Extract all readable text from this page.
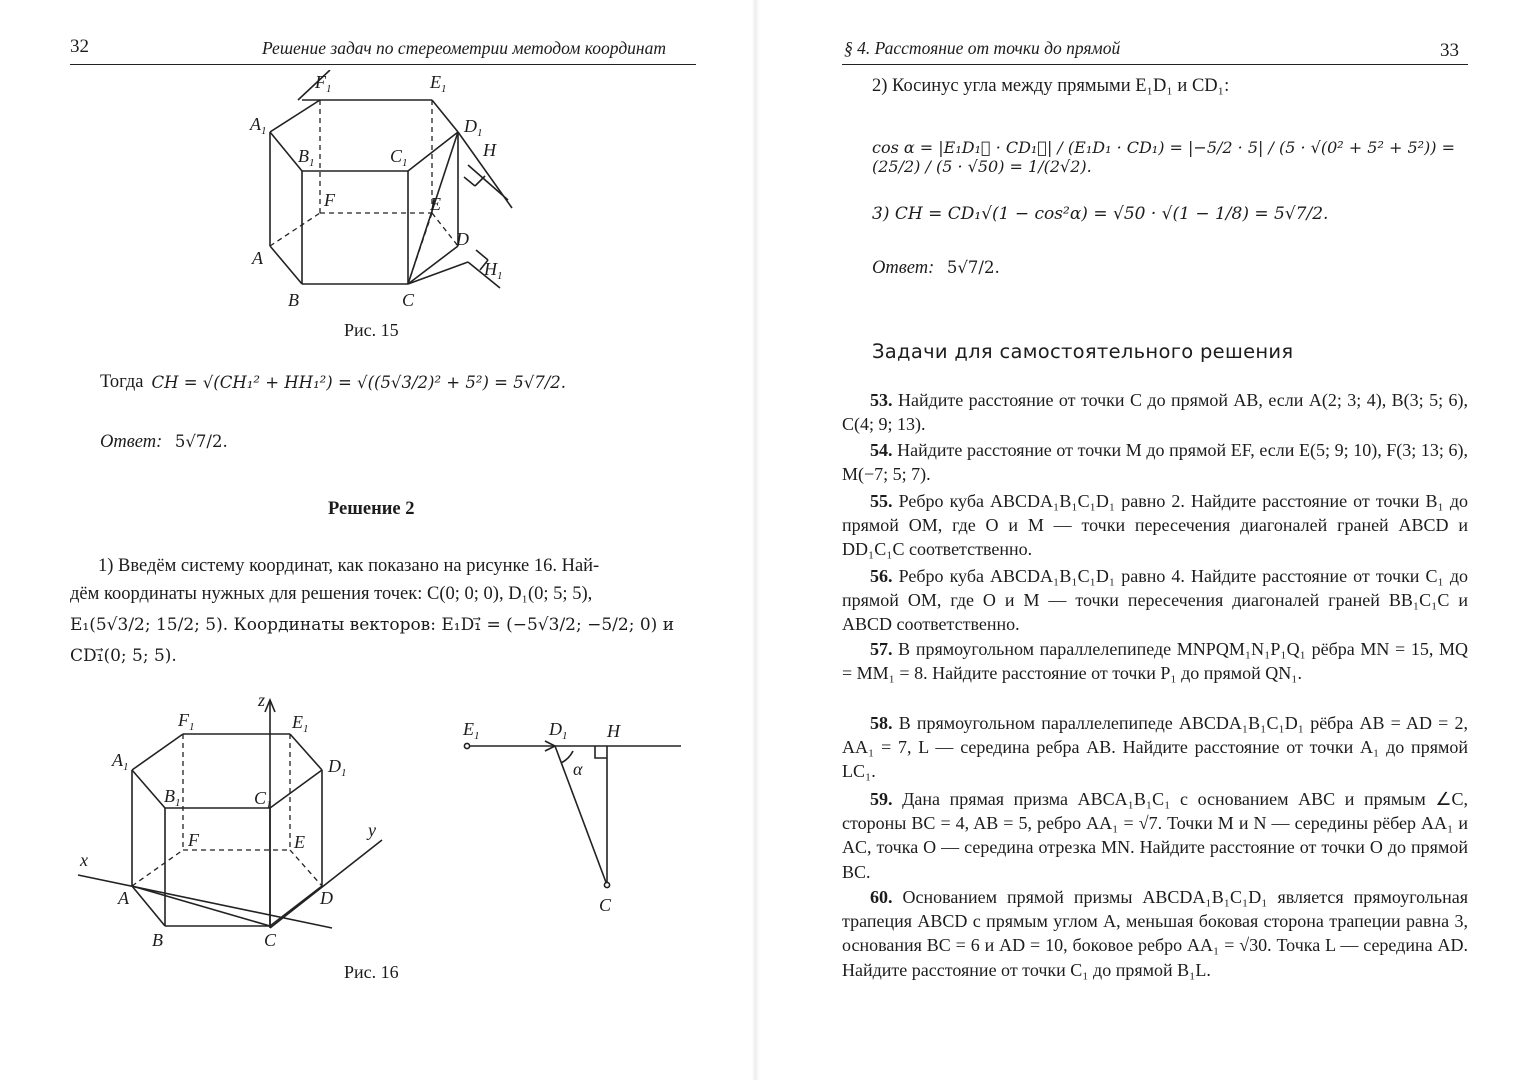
32	Решение задач по стереометрии методом координат
$F_1$	$E_1$
$A_1$	$D_1$
$B_1$	$C_1$
H
F	E
D
A
$H_1$
B	C
Рис. 15
Тогда CH = √(CH₁² + HH₁²) = √((5√3/2)² + 5²) = 5√7/2.
Ответ: 5√7/2.
Решение 2
1) Введём систему координат, как показано на рисунке 16. Най-
дём координаты нужных для решения точек: C(0; 0; 0), D₁(0; 5; 5),
E₁(5√3/2; 15/2; 5). Координаты векторов: E₁D₁⃗ = (−5√3/2; −5/2; 0) и
CD₁⃗(0; 5; 5).
z
y
x
$F_1$	$E_1$
$A_1$	$D_1$
$B_1$	$C_1$
F	E
A	D
B	C
$E_1$	$D_1$ H
α
C
Рис. 16
§ 4. Расстояние от точки до прямой	33
2) Косинус угла между прямыми E₁D₁ и CD₁:
cos α = |E₁D₁⃗ · CD₁⃗| / (E₁D₁ · CD₁) = |−5/2 · 5| / (5 · √(0² + 5² + 5²)) = (25/2) / (5 · √50) = 1/(2√2).
3) CH = CD₁√(1 − cos²α) = √50 · √(1 − 1/8) = 5√7/2.
Ответ: 5√7/2.
Задачи для самостоятельного решения
53. Найдите расстояние от точки C до прямой AB, если A(2; 3; 4), B(3; 5; 6), C(4; 9; 13).
54. Найдите расстояние от точки M до прямой EF, если E(5; 9; 10), F(3; 13; 6), M(−7; 5; 7).
55. Ребро куба ABCDA₁B₁C₁D₁ равно 2. Найдите расстояние от точки B₁ до прямой OM, где O и M — точки пересечения диагоналей граней ABCD и DD₁C₁C соответственно.
56. Ребро куба ABCDA₁B₁C₁D₁ равно 4. Найдите расстояние от точки C₁ до прямой OM, где O и M — точки пересечения диагоналей граней BB₁C₁C и ABCD соответственно.
57. В прямоугольном параллелепипеде MNPQM₁N₁P₁Q₁ рёбра MN = 15, MQ = MM₁ = 8. Найдите расстояние от точки P₁ до прямой QN₁.
58. В прямоугольном параллелепипеде ABCDA₁B₁C₁D₁ рёбра AB = AD = 2, AA₁ = 7, L — середина ребра AB. Найдите расстояние от точки A₁ до прямой LC₁.
59. Дана прямая призма ABCA₁B₁C₁ с основанием ABC и прямым ∠C, стороны BC = 4, AB = 5, ребро AA₁ = √7. Точки M и N — середины рёбер AA₁ и AC, точка O — середина отрезка MN. Найдите расстояние от точки O до прямой BC.
60. Основанием прямой призмы ABCDA₁B₁C₁D₁ является прямоугольная трапеция ABCD с прямым углом A, меньшая боковая сторона трапеции равна 3, основания BC = 6 и AD = 10, боковое ребро AA₁ = √30. Точка L — середина AD. Найдите расстояние от точки C₁ до прямой B₁L.
